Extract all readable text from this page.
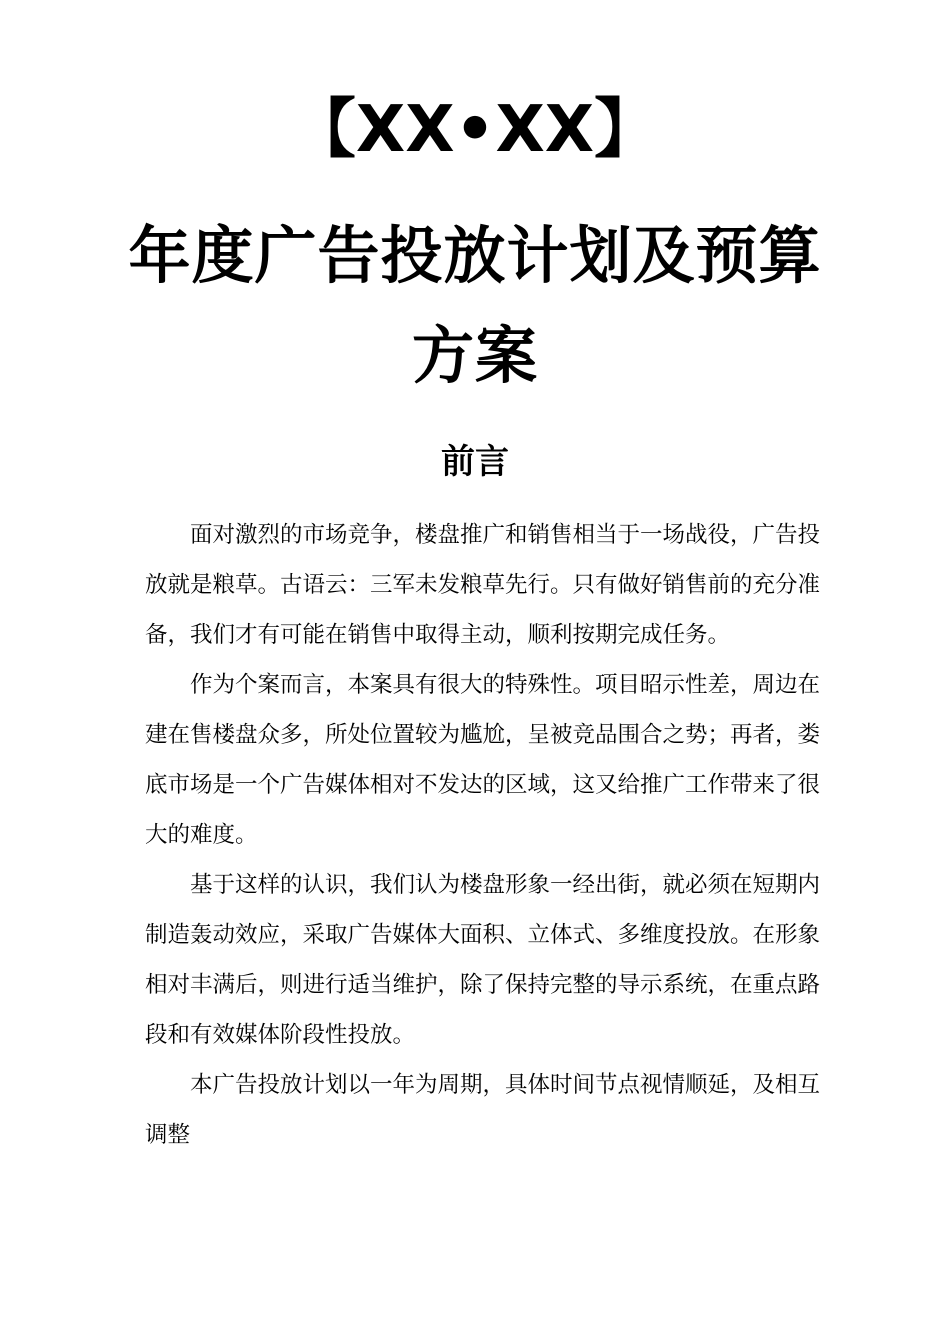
【XX•XX】
年度广告投放计划及预算
方案
前言

面对激烈的市场竞争，楼盘推广和销售相当于一场战役，广告投放就是粮草。古语云：三军未发粮草先行。只有做好销售前的充分准备，我们才有可能在销售中取得主动，顺利按期完成任务。

作为个案而言，本案具有很大的特殊性。项目昭示性差，周边在建在售楼盘众多，所处位置较为尴尬，呈被竞品围合之势；再者，娄底市场是一个广告媒体相对不发达的区域，这又给推广工作带来了很大的难度。

基于这样的认识，我们认为楼盘形象一经出街，就必须在短期内制造轰动效应，采取广告媒体大面积、立体式、多维度投放。在形象相对丰满后，则进行适当维护，除了保持完整的导示系统，在重点路段和有效媒体阶段性投放。

本广告投放计划以一年为周期，具体时间节点视情顺延，及相互调整
